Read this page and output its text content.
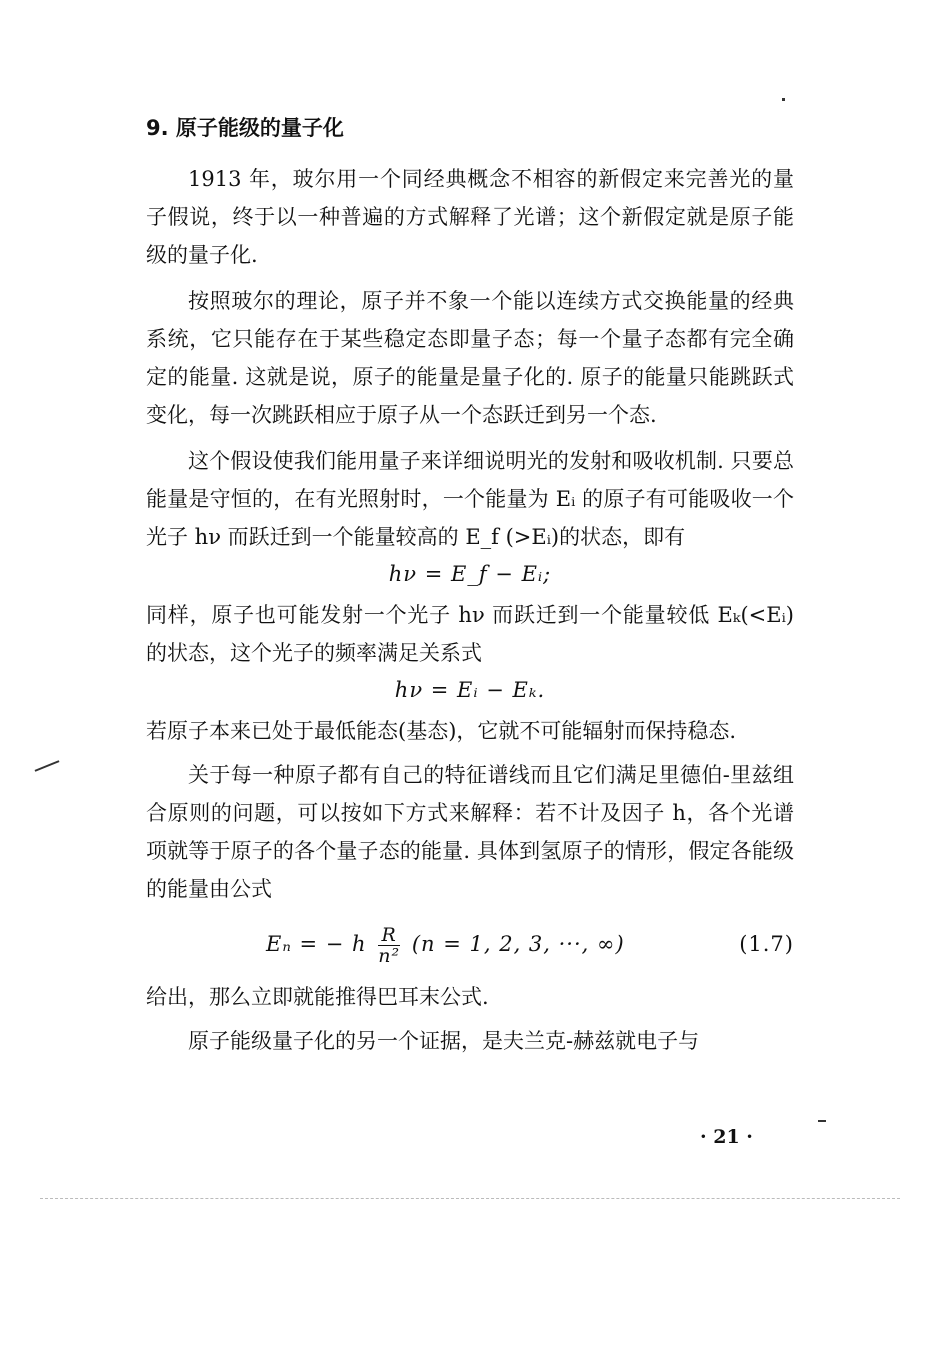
9. 原子能级的量子化

1913 年，玻尔用一个同经典概念不相容的新假定来完善光的量子假说，终于以一种普遍的方式解释了光谱；这个新假定就是原子能级的量子化.

按照玻尔的理论，原子并不象一个能以连续方式交换能量的经典系统，它只能存在于某些稳定态即量子态；每一个量子态都有完全确定的能量. 这就是说，原子的能量是量子化的. 原子的能量只能跳跃式变化，每一次跳跃相应于原子从一个态跃迁到另一个态.

这个假设使我们能用量子来详细说明光的发射和吸收机制. 只要总能量是守恒的，在有光照射时，一个能量为 Eᵢ 的原子有可能吸收一个光子 hν 而跃迁到一个能量较高的 E_f (>Eᵢ)的状态，即有

hν = E_f − Eᵢ;

同样，原子也可能发射一个光子 hν 而跃迁到一个能量较低 Eₖ(<Eᵢ) 的状态，这个光子的频率满足关系式

hν = Eᵢ − Eₖ.

若原子本来已处于最低能态(基态)，它就不可能辐射而保持稳态.

关于每一种原子都有自己的特征谱线而且它们满足里德伯-里兹组合原则的问题，可以按如下方式来解释：若不计及因子 h，各个光谱项就等于原子的各个量子态的能量. 具体到氢原子的情形，假定各能级的能量由公式

Eₙ = − h $\frac{R}{\text{n²}} (n = 1$, 2, 3, ···, ∞)	(1.7)

给出，那么立即就能推得巴耳末公式.

原子能级量子化的另一个证据，是夫兰克-赫兹就电子与

· 21 ·
